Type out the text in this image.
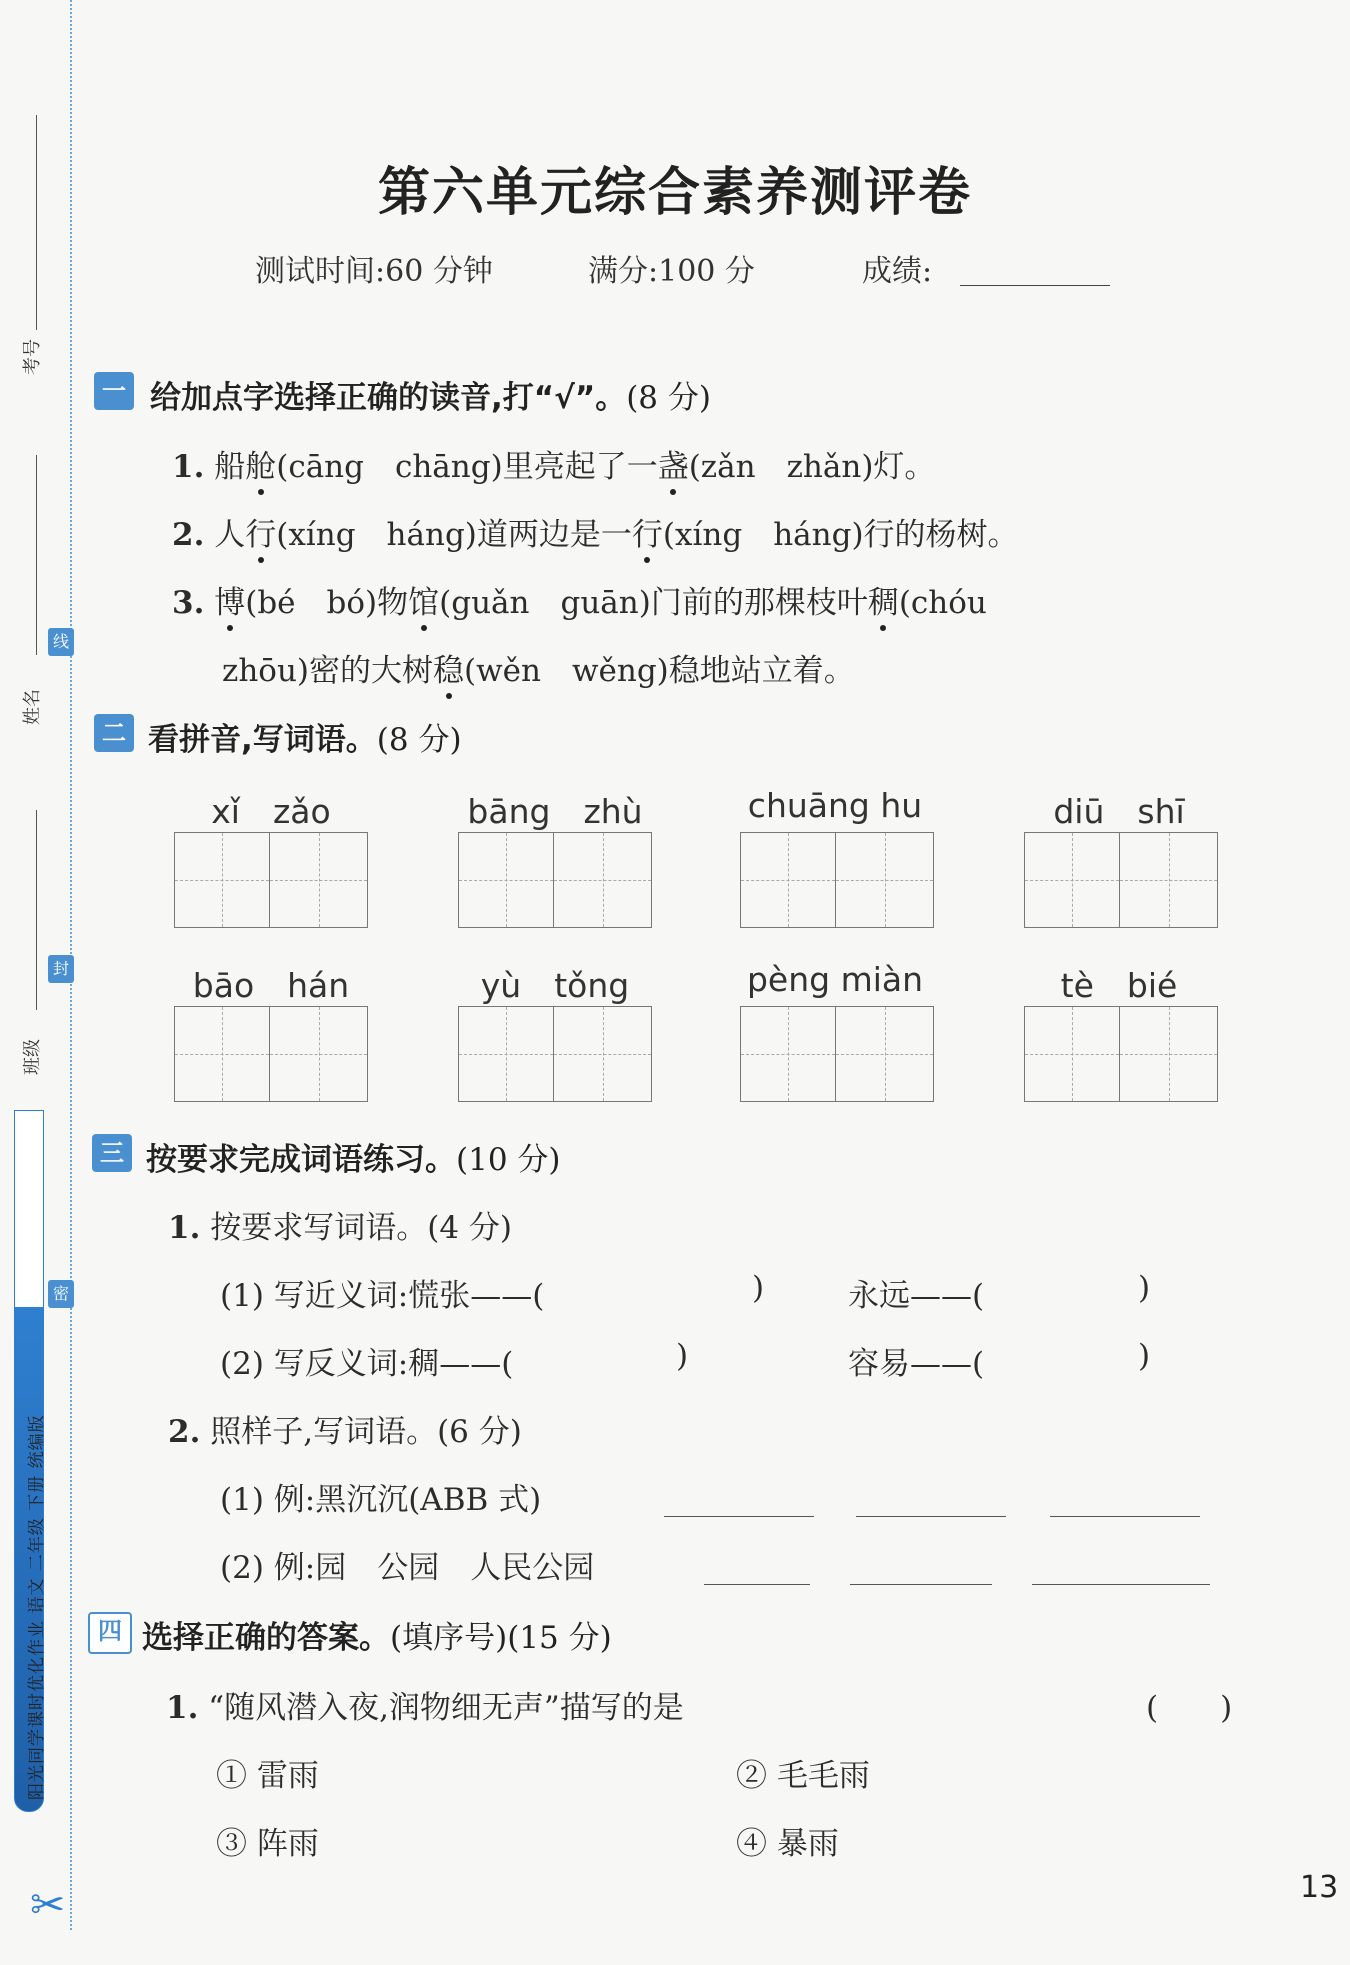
考号
姓名
班级
线
封
密
阳光同学课时优化作业 语文 二年级 下册 统编版
✂
第六单元综合素养测评卷
测试时间:60 分钟	满分:100 分	成绩:
一 给加点字选择正确的读音,打“√”。(8 分)
1. 船舱(cāng　chāng)里亮起了一盏(zǎn　zhǎn)灯。
2. 人行(xíng　háng)道两边是一行(xíng　háng)行的杨树。
3. 博(bé　bó)物馆(guǎn　guān)门前的那棵枝叶稠(chóu
zhōu)密的大树稳(wěn　wěng)稳地站立着。
二 看拼音,写词语。(8 分)
xǐ　zǎo	bāng　zhù	chuāng hu	diū　shī
bāo　hán	yù　tǒng	pèng miàn	tè　bié
三 按要求完成词语练习。(10 分)
1. 按要求写词语。(4 分)
(1) 写近义词:慌张——(	)	永远——(	)
(2) 写反义词:稠——(	)	容易——(	)
2. 照样子,写词语。(6 分)
(1) 例:黑沉沉(ABB 式)
(2) 例:园　公园　人民公园
四 选择正确的答案。(填序号)(15 分)
1. “随风潜入夜,润物细无声”描写的是	(　　)
① 雷雨	② 毛毛雨
③ 阵雨	④ 暴雨
13
